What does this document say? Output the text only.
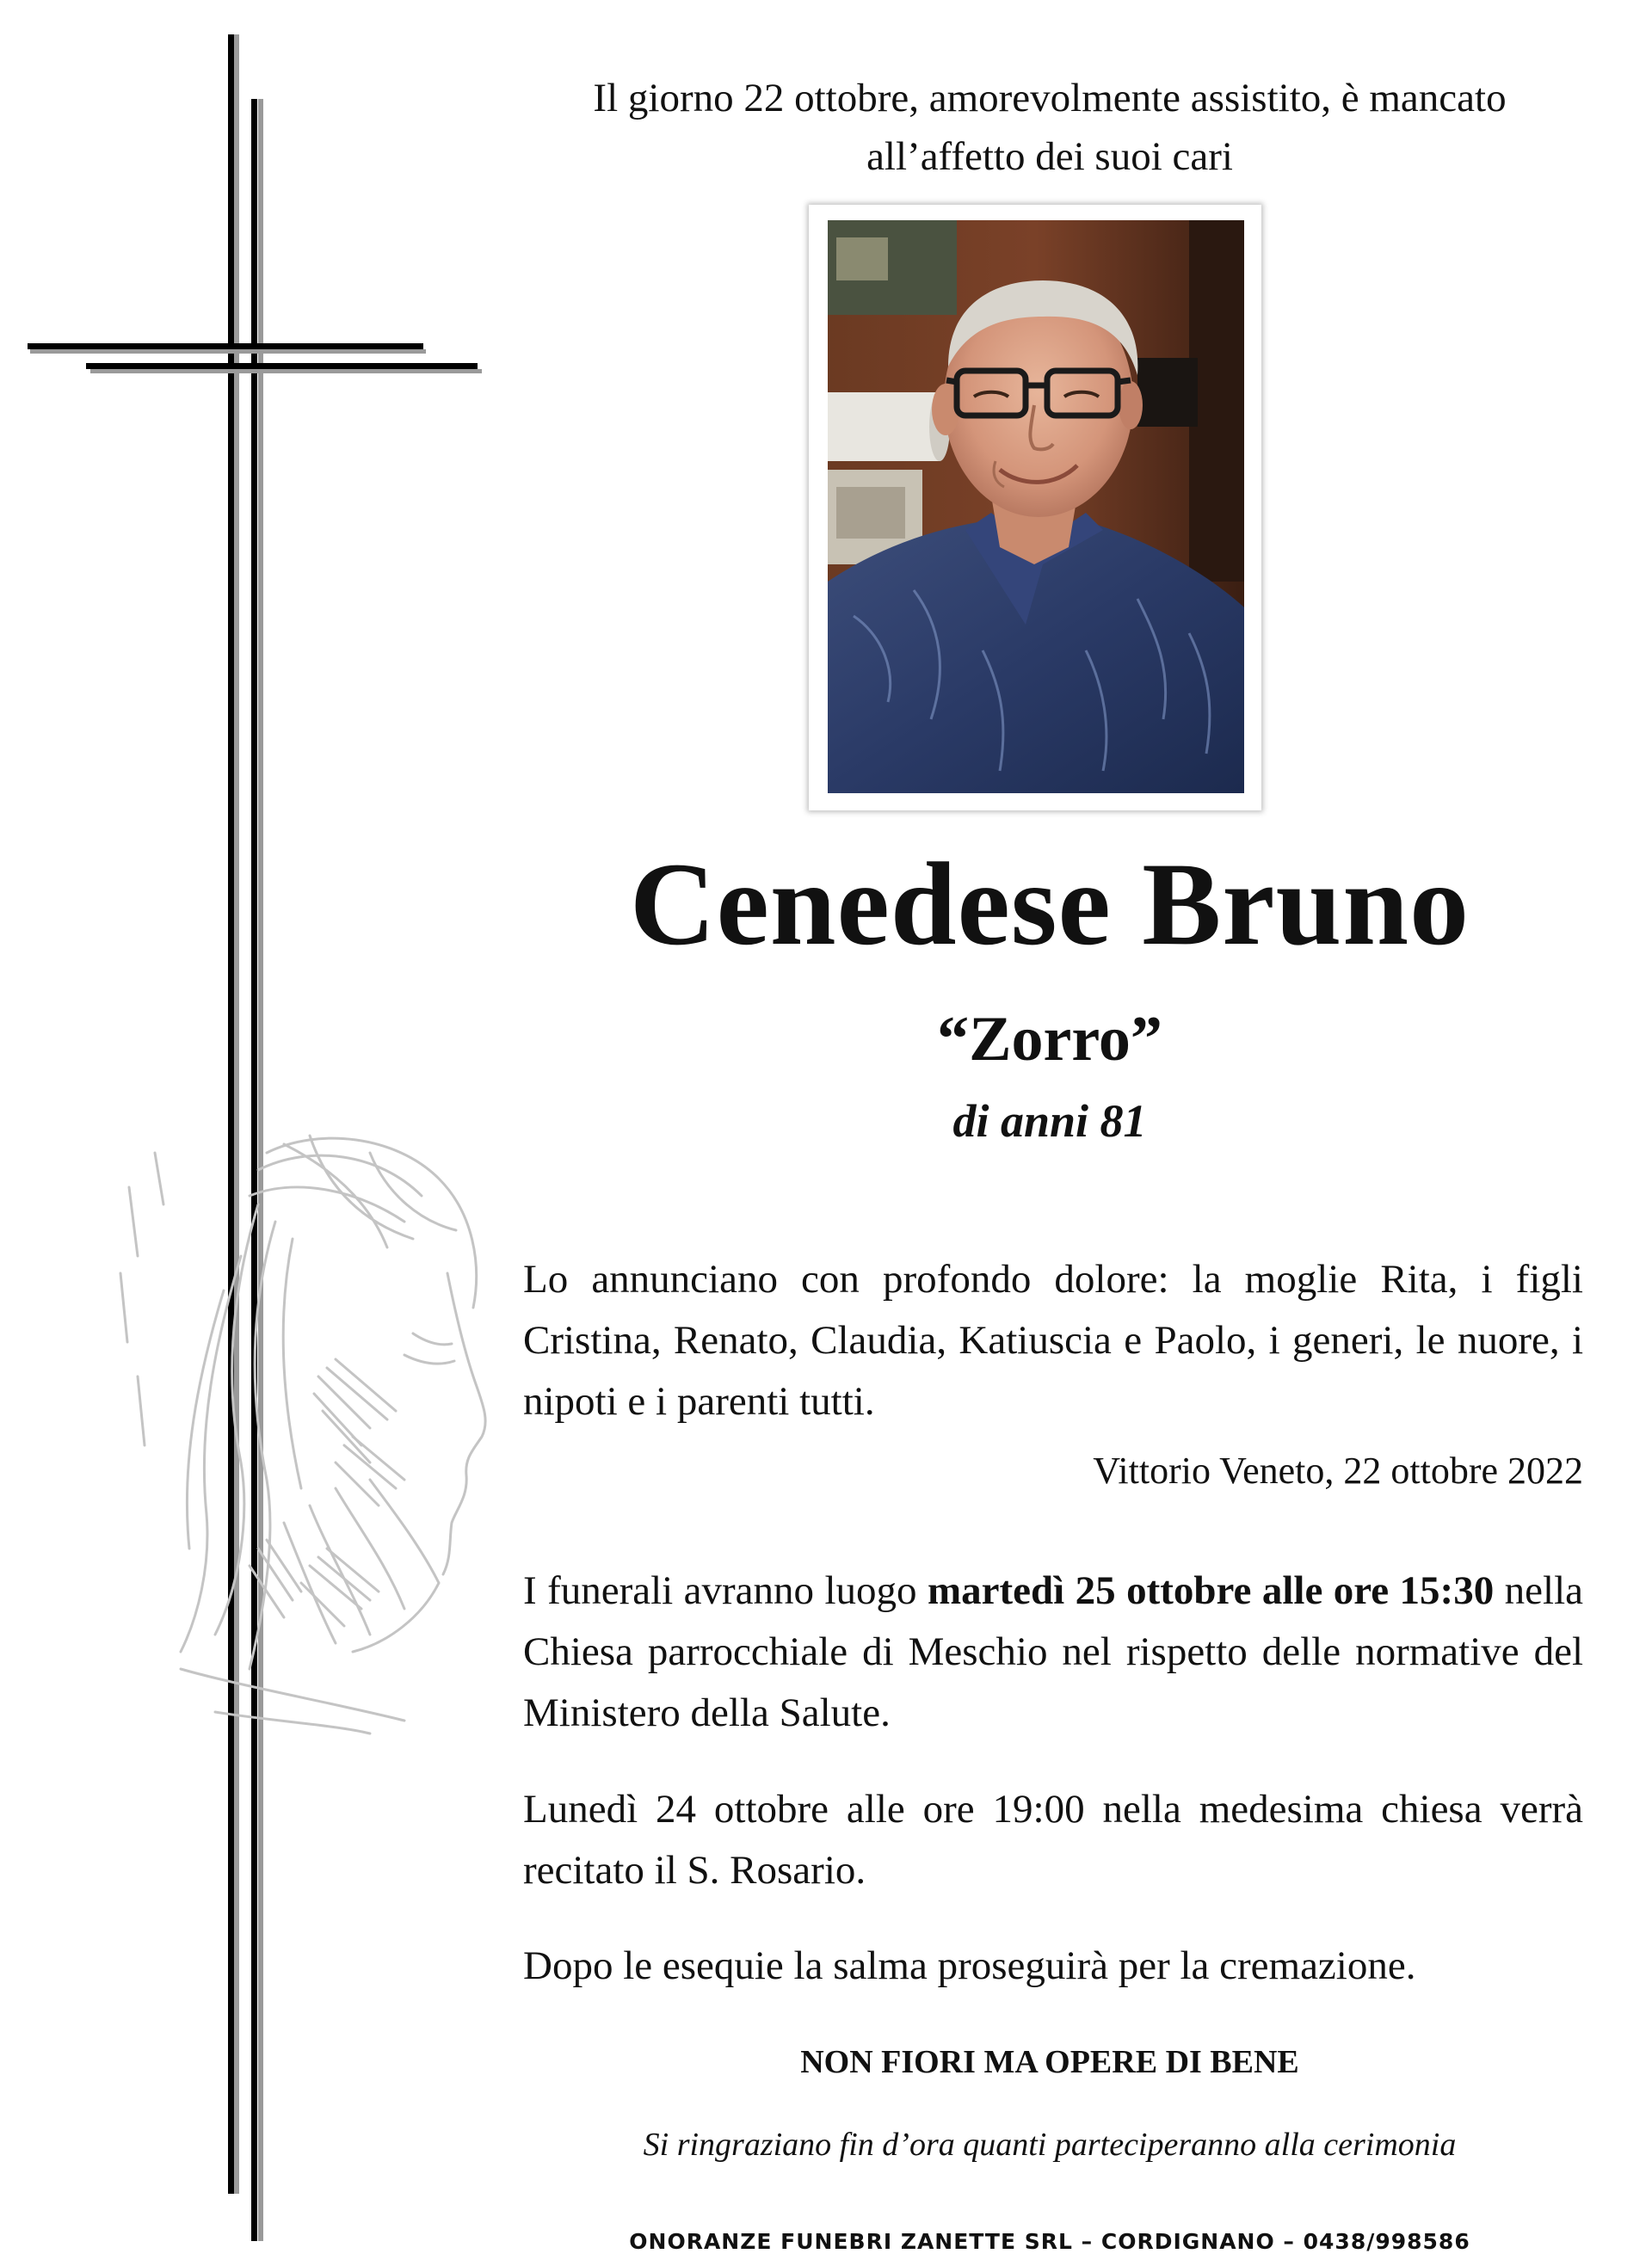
Il giorno 22 ottobre, amorevolmente assistito, è mancato
all’affetto dei suoi cari
Cenedese Bruno
“Zorro”
di anni 81
Lo annunciano con profondo dolore: la moglie Rita, i figli Cristina, Renato, Claudia, Katiuscia e Paolo, i generi, le nuore, i nipoti e i parenti tutti.
Vittorio Veneto, 22 ottobre 2022
I funerali avranno luogo martedì 25 ottobre alle ore 15:30 nella Chiesa parrocchiale di Meschio nel rispetto delle normative del Ministero della Salute.
Lunedì 24 ottobre alle ore 19:00 nella medesima chiesa verrà recitato il S. Rosario.
Dopo le esequie la salma proseguirà per la cremazione.
NON FIORI MA OPERE DI BENE
Si ringraziano fin d’ora quanti parteciperanno alla cerimonia
ONORANZE FUNEBRI ZANETTE SRL – CORDIGNANO – 0438/998586
